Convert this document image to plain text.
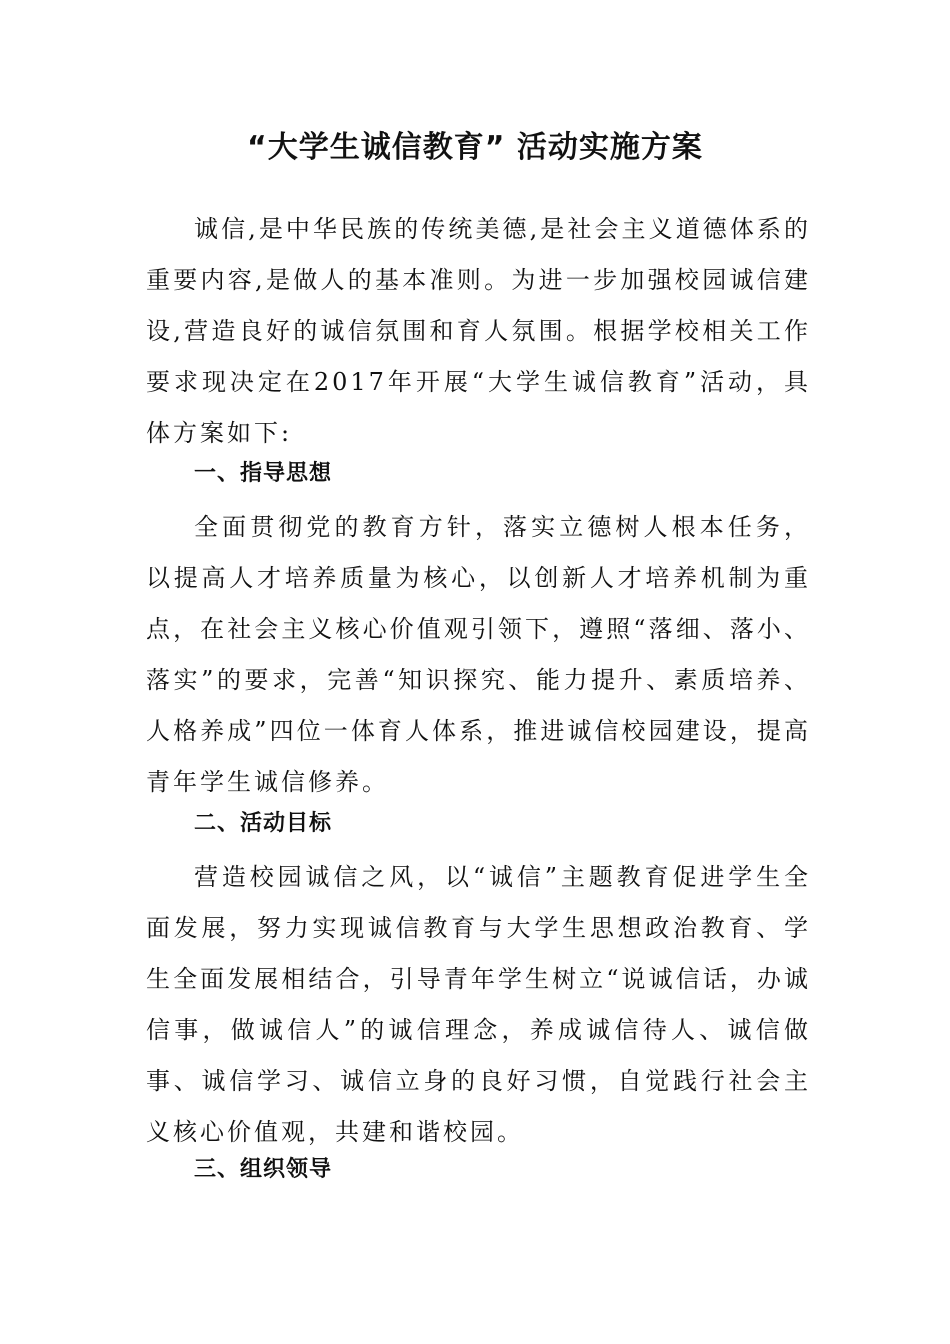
“大学生诚信教育” 活动实施方案

诚信,是中华民族的传统美德,是社会主义道德体系的重要内容,是做人的基本准则。为进一步加强校园诚信建设,营造良好的诚信氛围和育人氛围。根据学校相关工作要求现决定在2017年开展“大学生诚信教育”活动，具体方案如下:

一、指导思想

全面贯彻党的教育方针，落实立德树人根本任务，以提高人才培养质量为核心，以创新人才培养机制为重点，在社会主义核心价值观引领下，遵照“落细、落小、落实”的要求，完善“知识探究、能力提升、素质培养、人格养成”四位一体育人体系，推进诚信校园建设，提高青年学生诚信修养。

二、活动目标

营造校园诚信之风，以“诚信”主题教育促进学生全面发展，努力实现诚信教育与大学生思想政治教育、学生全面发展相结合，引导青年学生树立“说诚信话，办诚信事，做诚信人”的诚信理念，养成诚信待人、诚信做事、诚信学习、诚信立身的良好习惯，自觉践行社会主义核心价值观，共建和谐校园。

三、组织领导
